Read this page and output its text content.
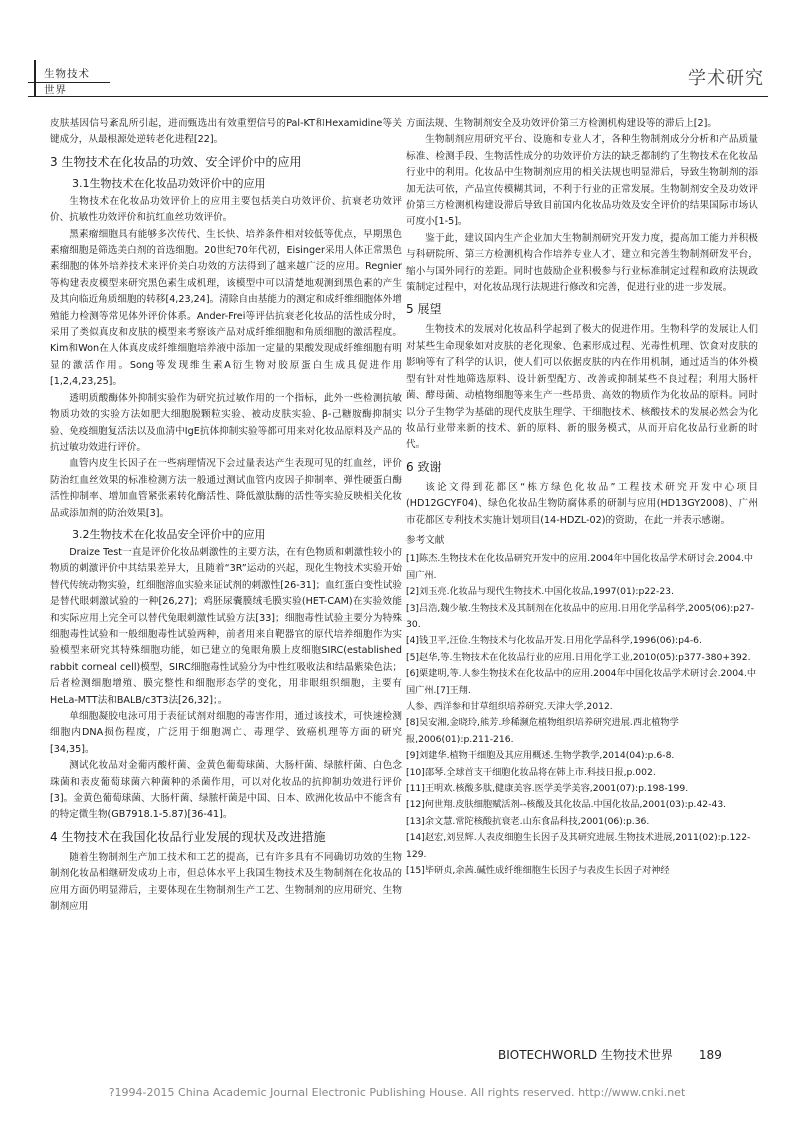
生物技术
世界
学术研究

皮肤基因信号紊乱所引起，进而甄选出有效重塑信号的Pal-KT和Hexamidine等关键成分，从最根源处逆转老化进程[22]。

3 生物技术在化妆品的功效、安全评价中的应用
3.1生物技术在化妆品功效评价中的应用

生物技术在化妆品功效评价上的应用主要包括美白功效评价、抗衰老功效评价、抗敏性功效评价和抗红血丝功效评价。

黑素瘤细胞具有能够多次传代、生长快、培养条件相对较低等优点，早期黑色素瘤细胞是筛选美白剂的首选细胞。20世纪70年代初，Eisinger采用人体正常黑色素细胞的体外培养技术来评价美白功效的方法得到了越来越广泛的应用。Regnier等构建表皮模型来研究黑色素生成机理，该模型中可以清楚地观测到黑色素的产生及其向临近角质细胞的转移[4,23,24]。清除自由基能力的测定和成纤维细胞体外增殖能力检测等常见体外评价体系。Ander-Frei等评估抗衰老化妆品的活性成分时，采用了类似真皮和皮肤的模型来考察该产品对成纤维细胞和角质细胞的激活程度。Kim和Won在人体真皮成纤维细胞培养液中添加一定量的果酸发现成纤维细胞有明显的激活作用。Song等发现维生素A衍生物对胶原蛋白生成具促进作用[1,2,4,23,25]。

透明质酸酶体外抑制实验作为研究抗过敏作用的一个指标，此外一些检测抗敏物质功效的实验方法如肥大细胞脱颗粒实验、被动皮肤实验、β-己糖胺酶抑制实验、免疫细胞复活法以及血清中IgE抗体抑制实验等都可用来对化妆品原料及产品的抗过敏功效进行评价。

血管内皮生长因子在一些病理情况下会过量表达产生表现可见的红血丝，评价防治红血丝效果的标准检测方法一般通过测试血管内皮因子抑制率、弹性硬蛋白酶活性抑制率、增加血管紧张素转化酶活性、降低激肽酶的活性等实验反映相关化妆品或添加剂的防治效果[3]。

3.2生物技术在化妆品安全评价中的应用

Draize Test一直是评价化妆品刺激性的主要方法，在有色物质和刺激性较小的物质的刺激评价中其结果差异大，且随着“3R”运动的兴起，现化生物技术实验开始替代传统动物实验，红细胞溶血实验来证试剂的刺激性[26-31]；血红蛋白变性试验是替代眼刺激试验的一种[26,27]；鸡胚尿囊膜绒毛膜实验(HET-CAM)在实验效能和实际应用上完全可以替代兔眼刺激性试验方法[33]；细胞毒性试验主要分为特殊细胞毒性试验和一般细胞毒性试验两种，前者用来自靶器官的原代培养细胞作为实验模型来研究其特殊细胞功能，如已建立的兔眼角膜上皮细胞SIRC(established rabbit corneal cell)模型，SIRC细胞毒性试验分为中性红吸收法和结晶紫染色法；后者检测细胞增殖、膜完整性和细胞形态学的变化，用非眼组织细胞，主要有HeLa-MTT法和BALB/c3T3法[26,32]；。

单细胞凝胶电泳可用于表征试剂对细胞的毒害作用，通过该技术，可快速检测细胞内DNA损伤程度，广泛用于细胞凋亡、毒理学、致癌机理等方面的研究[34,35]。

测试化妆品对金葡丙酸杆菌、金黄色葡萄球菌、大肠杆菌、绿脓杆菌、白色念珠菌和表皮葡萄球菌六种菌种的杀菌作用，可以对化妆品的抗抑制功效进行评价[3]。金黄色葡萄球菌、大肠杆菌、绿脓杆菌是中国、日本、欧洲化妆品中不能含有的特定微生物(GB7918.1-5.87)[36-41]。

4 生物技术在我国化妆品行业发展的现状及改进措施

随着生物制剂生产加工技术和工艺的提高，已有许多具有不同确切功效的生物制剂化妆品相继研发成功上市，但总体水平上我国生物技术及生物制剂在化妆品的应用方面仍明显滞后，主要体现在生物制剂生产工艺、生物制剂的应用研究、生物制剂应用

方面法规、生物制剂安全及功效评价第三方检测机构建设等的滞后上[2]。

生物制剂应用研究平台、设施和专业人才，各种生物制剂成分分析和产品质量标准、检测手段、生物活性成分的功效评价方法的缺乏都制约了生物技术在化妆品行业中的利用。化妆品中生物制剂应用的相关法规也明显滞后，导致生物制剂的添加无法可依，产品宣传模糊其词，不利于行业的正常发展。生物制剂安全及功效评价第三方检测机构建设滞后导致目前国内化妆品功效及安全评价的结果国际市场认可度小[1-5]。

鉴于此，建议国内生产企业加大生物制剂研究开发力度，提高加工能力并积极与科研院所、第三方检测机构合作培养专业人才、建立和完善生物制剂研发平台，缩小与国外同行的差距。同时也鼓励企业积极参与行业标准制定过程和政府法规政策制定过程中，对化妆品现行法规进行修改和完善，促进行业的进一步发展。

5 展望

生物技术的发展对化妆品科学起到了极大的促进作用。生物科学的发展让人们对某些生命现象如对皮肤的老化现象、色素形成过程、光毒性机理、饮食对皮肤的影响等有了科学的认识，使人们可以依据皮肤的内在作用机制，通过适当的体外模型有针对性地筛选原料、设计新型配方、改善或抑制某些不良过程；利用大肠杆菌、酵母菌、动植物细胞等来生产一些昂贵、高效的物质作为化妆品的原料。同时以分子生物学为基础的现代皮肤生理学、干细胞技术、核酸技术的发展必然会为化妆品行业带来新的技术、新的原料、新的服务模式，从而开启化妆品行业新的时代。

6 致谢

该论文得到花都区“栋方绿色化妆品”工程技术研究开发中心项目(HD12GCYF04)、绿色化妆品生物防腐体系的研制与应用(HD13GY2008)、广州市花都区专利技术实施计划项目(14-HDZL-02)的资助，在此一并表示感谢。

参考文献

[1]陈杰.生物技术在化妆品研究开发中的应用.2004年中国化妆品学术研讨会.2004.中国广州.

[2]刘玉亮.化妆品与现代生物技术.中国化妆品,1997(01):p22-23.

[3]吕浩,魏少敏.生物技术及其制剂在化妆品中的应用.日用化学品科学,2005(06):p27-30.

[4]钱卫平,汪俭.生物技术与化妆品开发.日用化学品科学,1996(06):p4-6.

[5]赵华,等.生物技术在化妆品行业的应用.日用化学工业,2010(05):p377-380+392.

[6]栗建明,等.人参生物技术在化妆品中的应用.2004年中国化妆品学术研讨会.2004.中国广州.[7]王翔.

人参、西洋参和甘草组织培养研究.天津大学,2012.

[8]吴安湘,金晓玲,熊芳.珍稀濒危植物组织培养研究进展.西北植物学报,2006(01):p.211-216.

[9]刘建华.植物干细胞及其应用概述.生物学教学,2014(04):p.6-8.

[10]邵琴.全球首支干细胞化妆品将在韩上市.科技日报,p.002.

[11]王明欢.核酸多肽,健康美容.医学美学美容,2001(07):p.198-199.

[12]何世翔.皮肤细胞赋活剂--核酸及其化妆品.中国化妆品,2001(03):p.42-43.

[13]余文慧.常陀核酸抗衰老.山东食品科技,2001(06):p.36.

[14]赵宏,刘昱辉.人表皮细胞生长因子及其研究进展.生物技术进展,2011(02):p.122-129.

[15]毕研贞,余茜.碱性成纤维细胞生长因子与表皮生长因子对神经

BIOTECHWORLD 生物技术世界 189
?1994-2015 China Academic Journal Electronic Publishing House. All rights reserved. http://www.cnki.net
